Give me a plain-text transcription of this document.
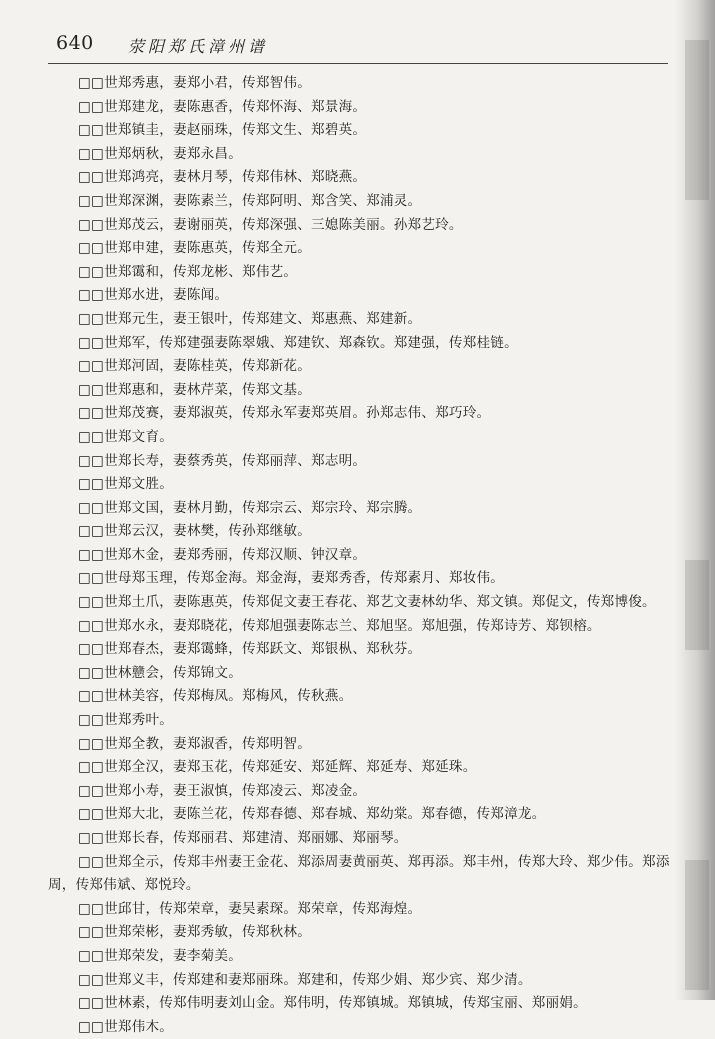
640 荥阳郑氏漳州谱

□□世郑秀惠，妻郑小君，传郑智伟。

□□世郑建龙，妻陈惠香，传郑怀海、郑景海。

□□世郑镇圭，妻赵丽珠，传郑文生、郑碧英。

□□世郑炳秋，妻郑永昌。

□□世郑鸿亮，妻林月琴，传郑伟林、郑晓燕。

□□世郑深渊，妻陈素兰，传郑阿明、郑含笑、郑浦灵。

□□世郑茂云，妻谢丽英，传郑深强、三媳陈美丽。孙郑艺玲。

□□世郑申建，妻陈惠英，传郑全元。

□□世郑霭和，传郑龙彬、郑伟艺。

□□世郑水进，妻陈闻。

□□世郑元生，妻王银叶，传郑建文、郑惠燕、郑建新。

□□世郑军，传郑建强妻陈翠娥、郑建钦、郑森钦。郑建强，传郑桂链。

□□世郑河固，妻陈桂英，传郑新花。

□□世郑惠和，妻林芹菜，传郑文基。

□□世郑茂赛，妻郑淑英，传郑永军妻郑英眉。孙郑志伟、郑巧玲。

□□世郑文育。

□□世郑长寿，妻蔡秀英，传郑丽萍、郑志明。

□□世郑文胜。

□□世郑文国，妻林月勤，传郑宗云、郑宗玲、郑宗腾。

□□世郑云汉，妻林樊，传孙郑继敏。

□□世郑木金，妻郑秀丽，传郑汉顺、钟汉章。

□□世母郑玉理，传郑金海。郑金海，妻郑秀香，传郑素月、郑妆伟。

□□世郑土爪，妻陈惠英，传郑促文妻王春花、郑艺文妻林幼华、郑文镇。郑促文，传郑博俊。

□□世郑水永，妻郑晓花，传郑旭强妻陈志兰、郑旭坚。郑旭强，传郑诗芳、郑钡榕。

□□世郑春杰，妻郑霭蜂，传郑跃文、郑银枞、郑秋芬。

□□世林戆会，传郑锦文。

□□世林美容，传郑梅凤。郑梅风，传秋燕。

□□世郑秀叶。

□□世郑全教，妻郑淑香，传郑明智。

□□世郑全汉，妻郑玉花，传郑延安、郑延辉、郑延寿、郑延珠。

□□世郑小寿，妻王淑慎，传郑凌云、郑凌金。

□□世郑大北，妻陈兰花，传郑春德、郑春城、郑幼棠。郑春德，传郑漳龙。

□□世郑长春，传郑丽君、郑建清、郑丽娜、郑丽琴。

□□世郑全示，传郑丰州妻王金花、郑添周妻黄丽英、郑再添。郑丰州，传郑大玲、郑少伟。郑添周，传郑伟斌、郑悦玲。

□□世邱甘，传郑荣章，妻吴素琛。郑荣章，传郑海煌。

□□世郑荣彬，妻郑秀敏，传郑秋林。

□□世郑荣发，妻李菊美。

□□世郑义丰，传郑建和妻郑丽珠。郑建和，传郑少娟、郑少宾、郑少清。

□□世林素，传郑伟明妻刘山金。郑伟明，传郑镇城。郑镇城，传郑宝丽、郑丽娟。

□□世郑伟木。
